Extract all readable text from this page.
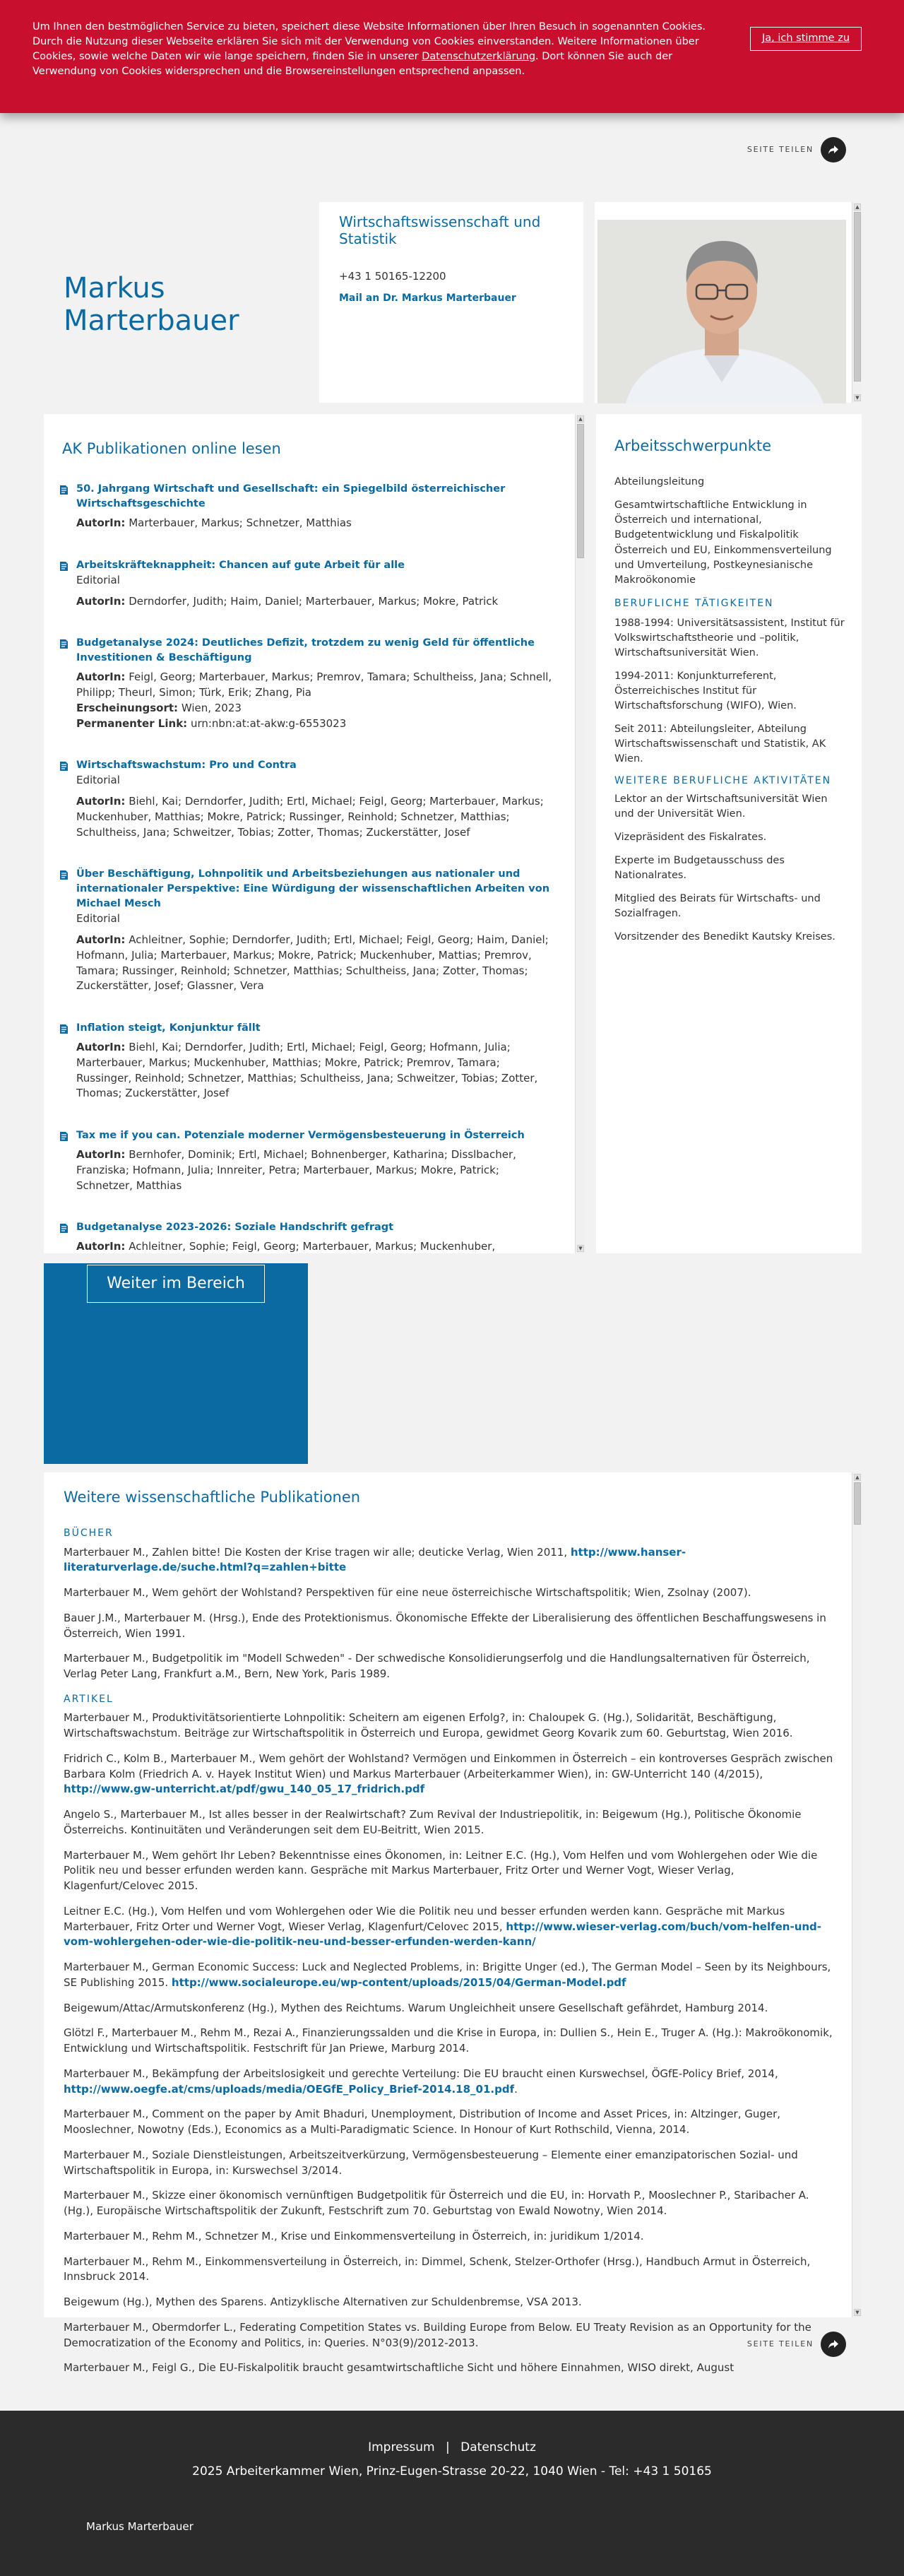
Um Ihnen den bestmöglichen Service zu bieten, speichert diese Website Informationen über Ihren Besuch in sogenannten Cookies. Durch die Nutzung dieser Webseite erklären Sie sich mit der Verwendung von Cookies einverstanden. Weitere Informationen über Cookies, sowie welche Daten wir wie lange speichern, finden Sie in unserer Datenschutzerklärung. Dort können Sie auch der Verwendung von Cookies widersprechen und die Browsereinstellungen entsprechend anpassen.
Ja, ich stimme zu
SEITE TEILEN
Markus
Marterbauer
Wirtschaftswissenschaft und Statistik
+43 1 50165-12200
Mail an Dr. Markus Marterbauer
▲
▼
AK Publikationen online lesen
50. Jahrgang Wirtschaft und Gesellschaft: ein Spiegelbild österreichischer Wirtschaftsgeschichte
AutorIn: Marterbauer, Markus; Schnetzer, Matthias
Arbeitskräfteknappheit: Chancen auf gute Arbeit für alle
Editorial
AutorIn: Derndorfer, Judith; Haim, Daniel; Marterbauer, Markus; Mokre, Patrick
Budgetanalyse 2024: Deutliches Defizit, trotzdem zu wenig Geld für öffentliche Investitionen & Beschäftigung
AutorIn: Feigl, Georg; Marterbauer, Markus; Premrov, Tamara; Schultheiss, Jana; Schnell, Philipp; Theurl, Simon; Türk, Erik; Zhang, Pia
Erscheinungsort: Wien, 2023
Permanenter Link: urn:nbn:at:at-akw:g-6553023
Wirtschaftswachstum: Pro und Contra
Editorial
AutorIn: Biehl, Kai; Derndorfer, Judith; Ertl, Michael; Feigl, Georg; Marterbauer, Markus; Muckenhuber, Matthias; Mokre, Patrick; Russinger, Reinhold; Schnetzer, Matthias; Schultheiss, Jana; Schweitzer, Tobias; Zotter, Thomas; Zuckerstätter, Josef
Über Beschäftigung, Lohnpolitik und Arbeitsbeziehungen aus nationaler und internationaler Perspektive: Eine Würdigung der wissenschaftlichen Arbeiten von Michael Mesch
Editorial
AutorIn: Achleitner, Sophie; Derndorfer, Judith; Ertl, Michael; Feigl, Georg; Haim, Daniel; Hofmann, Julia; Marterbauer, Markus; Mokre, Patrick; Muckenhuber, Mattias; Premrov, Tamara; Russinger, Reinhold; Schnetzer, Matthias; Schultheiss, Jana; Zotter, Thomas; Zuckerstätter, Josef; Glassner, Vera
Inflation steigt, Konjunktur fällt
AutorIn: Biehl, Kai; Derndorfer, Judith; Ertl, Michael; Feigl, Georg; Hofmann, Julia; Marterbauer, Markus; Muckenhuber, Matthias; Mokre, Patrick; Premrov, Tamara; Russinger, Reinhold; Schnetzer, Matthias; Schultheiss, Jana; Schweitzer, Tobias; Zotter, Thomas; Zuckerstätter, Josef
Tax me if you can. Potenziale moderner Vermögensbesteuerung in Österreich
AutorIn: Bernhofer, Dominik; Ertl, Michael; Bohnenberger, Katharina; Disslbacher, Franziska; Hofmann, Julia; Innreiter, Petra; Marterbauer, Markus; Mokre, Patrick; Schnetzer, Matthias
Budgetanalyse 2023-2026: Soziale Handschrift gefragt
AutorIn: Achleitner, Sophie; Feigl, Georg; Marterbauer, Markus; Muckenhuber,
▲
▼
Weiter im Bereich
Arbeitsschwerpunkte

Abteilungsleitung

Gesamtwirtschaftliche Entwicklung in Österreich und international, Budgetentwicklung und Fiskalpolitik Österreich und EU, Einkommensverteilung und Umverteilung, Postkeynesianische Makroökonomie

BERUFLICHE TÄTIGKEITEN

1988-1994: Universitätsassistent, Institut für Volkswirtschaftstheorie und –politik, Wirtschaftsuniversität Wien.

1994-2011: Konjunkturreferent, Österreichisches Institut für Wirtschaftsforschung (WIFO), Wien.

Seit 2011: Abteilungsleiter, Abteilung Wirtschaftswissenschaft und Statistik, AK Wien.

WEITERE BERUFLICHE AKTIVITÄTEN

Lektor an der Wirtschaftsuniversität Wien und der Universität Wien.

Vizepräsident des Fiskalrates.

Experte im Budgetausschuss des Nationalrates.

Mitglied des Beirats für Wirtschafts- und Sozialfragen.

Vorsitzender des Benedikt Kautsky Kreises.

Weitere wissenschaftliche Publikationen
BÜCHER

Marterbauer M., Zahlen bitte! Die Kosten der Krise tragen wir alle; deuticke Verlag, Wien 2011, http://www.hanser-literaturverlage.de/suche.html?q=zahlen+bitte

Marterbauer M., Wem gehört der Wohlstand? Perspektiven für eine neue österreichische Wirtschaftspolitik; Wien, Zsolnay (2007).

Bauer J.M., Marterbauer M. (Hrsg.), Ende des Protektionismus. Ökonomische Effekte der Liberalisierung des öffentlichen Beschaffungswesens in Österreich, Wien 1991.

Marterbauer M., Budgetpolitik im "Modell Schweden" - Der schwedische Konsolidierungserfolg und die Handlungsalternativen für Österreich, Verlag Peter Lang, Frankfurt a.M., Bern, New York, Paris 1989.

ARTIKEL

Marterbauer M., Produktivitätsorientierte Lohnpolitik: Scheitern am eigenen Erfolg?, in: Chaloupek G. (Hg.), Solidarität, Beschäftigung, Wirtschaftswachstum. Beiträge zur Wirtschaftspolitik in Österreich und Europa, gewidmet Georg Kovarik zum 60. Geburtstag, Wien 2016.

Fridrich C., Kolm B., Marterbauer M., Wem gehört der Wohlstand? Vermögen und Einkommen in Österreich – ein kontroverses Gespräch zwischen Barbara Kolm (Friedrich A. v. Hayek Institut Wien) und Markus Marterbauer (Arbeiterkammer Wien), in: GW-Unterricht 140 (4/2015), http://www.gw-unterricht.at/pdf/gwu_140_05_17_fridrich.pdf

Angelo S., Marterbauer M., Ist alles besser in der Realwirtschaft? Zum Revival der Industriepolitik, in: Beigewum (Hg.), Politische Ökonomie Österreichs. Kontinuitäten und Veränderungen seit dem EU-Beitritt, Wien 2015.

Marterbauer M., Wem gehört Ihr Leben? Bekenntnisse eines Ökonomen, in: Leitner E.C. (Hg.), Vom Helfen und vom Wohlergehen oder Wie die Politik neu und besser erfunden werden kann. Gespräche mit Markus Marterbauer, Fritz Orter und Werner Vogt, Wieser Verlag, Klagenfurt/Celovec 2015.

Leitner E.C. (Hg.), Vom Helfen und vom Wohlergehen oder Wie die Politik neu und besser erfunden werden kann. Gespräche mit Markus Marterbauer, Fritz Orter und Werner Vogt, Wieser Verlag, Klagenfurt/Celovec 2015, http://www.wieser-verlag.com/buch/vom-helfen-und-vom-wohlergehen-oder-wie-die-politik-neu-und-besser-erfunden-werden-kann/

Marterbauer M., German Economic Success: Luck and Neglected Problems, in: Brigitte Unger (ed.), The German Model – Seen by its Neighbours, SE Publishing 2015. http://www.socialeurope.eu/wp-content/uploads/2015/04/German-Model.pdf

Beigewum/Attac/Armutskonferenz (Hg.), Mythen des Reichtums. Warum Ungleichheit unsere Gesellschaft gefährdet, Hamburg 2014.

Glötzl F., Marterbauer M., Rehm M., Rezai A., Finanzierungssalden und die Krise in Europa, in: Dullien S., Hein E., Truger A. (Hg.): Makroökonomik, Entwicklung und Wirtschaftspolitik. Festschrift für Jan Priewe, Marburg 2014.

Marterbauer M., Bekämpfung der Arbeitslosigkeit und gerechte Verteilung: Die EU braucht einen Kurswechsel, ÖGfE-Policy Brief, 2014, http://www.oegfe.at/cms/uploads/media/OEGfE_Policy_Brief-2014.18_01.pdf.

Marterbauer M., Comment on the paper by Amit Bhaduri, Unemployment, Distribution of Income and Asset Prices, in: Altzinger, Guger, Mooslechner, Nowotny (Eds.), Economics as a Multi-Paradigmatic Science. In Honour of Kurt Rothschild, Vienna, 2014.

Marterbauer M., Soziale Dienstleistungen, Arbeitszeitverkürzung, Vermögensbesteuerung – Elemente einer emanzipatorischen Sozial- und Wirtschaftspolitik in Europa, in: Kurswechsel 3/2014.

Marterbauer M., Skizze einer ökonomisch vernünftigen Budgetpolitik für Österreich und die EU, in: Horvath P., Mooslechner P., Staribacher A. (Hg.), Europäische Wirtschaftspolitik der Zukunft, Festschrift zum 70. Geburtstag von Ewald Nowotny, Wien 2014.

Marterbauer M., Rehm M., Schnetzer M., Krise und Einkommensverteilung in Österreich, in: juridikum 1/2014.

Marterbauer M., Rehm M., Einkommensverteilung in Österreich, in: Dimmel, Schenk, Stelzer-Orthofer (Hrsg.), Handbuch Armut in Österreich, Innsbruck 2014.

Beigewum (Hg.), Mythen des Sparens. Antizyklische Alternativen zur Schuldenbremse, VSA 2013.

Marterbauer M., Obermdorfer L., Federating Competition States vs. Building Europe from Below. EU Treaty Revision as an Opportunity for the Democratization of the Economy and Politics, in: Queries. N°03(9)/2012-2013.

Marterbauer M., Feigl G., Die EU-Fiskalpolitik braucht gesamtwirtschaftliche Sicht und höhere Einnahmen, WISO direkt, August

▲
▼
SEITE TEILEN
Impressum | Datenschutz
2025 Arbeiterkammer Wien, Prinz-Eugen-Strasse 20-22, 1040 Wien - Tel: +43 1 50165
Markus Marterbauer
